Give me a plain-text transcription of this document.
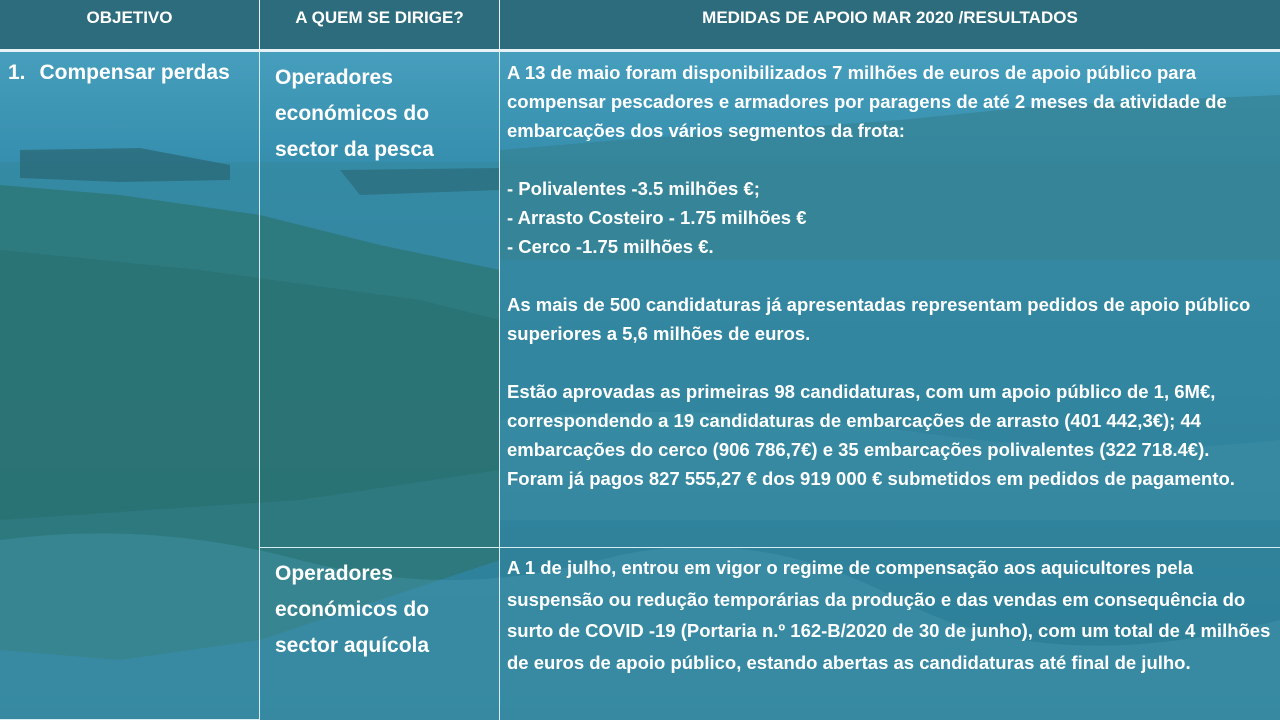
OBJETIVO	A QUEM SE DIRIGE?	MEDIDAS DE APOIO MAR 2020 /RESULTADOS
1. Compensar perdas Operadores económicos do sector da pesca

A 13 de maio foram disponibilizados 7 milhões de euros de apoio público para compensar pescadores e armadores por paragens de até 2 meses da atividade de embarcações dos vários segmentos da frota:

- Polivalentes -3.5 milhões €;

- Arrasto Costeiro - 1.75 milhões €

- Cerco -1.75 milhões €.

As mais de 500 candidaturas já apresentadas representam pedidos de apoio público superiores a 5,6 milhões de euros.

Estão aprovadas as primeiras 98 candidaturas, com um apoio público de 1, 6M€, correspondendo a 19 candidaturas de embarcações de arrasto (401 442,3€); 44 embarcações do cerco (906 786,7€) e 35 embarcações polivalentes (322 718.4€).

Foram já pagos 827 555,27 € dos 919 000 € submetidos em pedidos de pagamento.

Operadores económicos do sector aquícola
A 1 de julho, entrou em vigor o regime de compensação aos aquicultores pela suspensão ou redução temporárias da produção e das vendas em consequência do surto de COVID -19 (Portaria n.º 162-B/2020 de 30 de junho), com um total de 4 milhões de euros de apoio público, estando abertas as candidaturas até final de julho.
